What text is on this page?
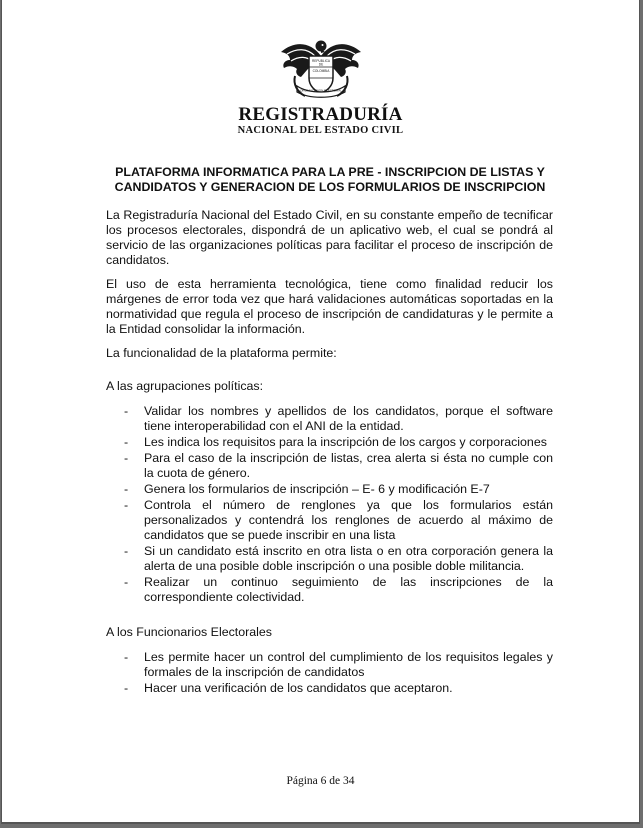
REPUBLICA
DE
COLOMBIA
ORGANIZACION ELECTORAL
REGISTRADURÍA
NACIONAL DEL ESTADO CIVIL
PLATAFORMA INFORMATICA PARA LA PRE - INSCRIPCION DE LISTAS Y
CANDIDATOS Y GENERACION DE LOS FORMULARIOS DE INSCRIPCION

La Registraduría Nacional del Estado Civil, en su constante empeño de tecnificar los procesos electorales, dispondrá de un aplicativo web, el cual se pondrá al servicio de las organizaciones políticas para facilitar el proceso de inscripción de candidatos.

El uso de esta herramienta tecnológica, tiene como finalidad reducir los márgenes de error toda vez que hará validaciones automáticas soportadas en la normatividad que regula el proceso de inscripción de candidaturas y le permite a la Entidad consolidar la información.

La funcionalidad de la plataforma permite:

A las agrupaciones políticas:

- Validar los nombres y apellidos de los candidatos, porque el software tiene interoperabilidad con el ANI de la entidad.
- Les indica los requisitos para la inscripción de los cargos y corporaciones
- Para el caso de la inscripción de listas, crea alerta si ésta no cumple con la cuota de género.
- Genera los formularios de inscripción – E- 6 y modificación E-7
- Controla el número de renglones ya que los formularios están personalizados y contendrá los renglones de acuerdo al máximo de candidatos que se puede inscribir en una lista
- Si un candidato está inscrito en otra lista o en otra corporación genera la alerta de una posible doble inscripción o una posible doble militancia.
- Realizar un continuo seguimiento de las inscripciones de la correspondiente colectividad.

A los Funcionarios Electorales

- Les permite hacer un control del cumplimiento de los requisitos legales y formales de la inscripción de candidatos
- Hacer una verificación de los candidatos que aceptaron.
Página 6 de 34
